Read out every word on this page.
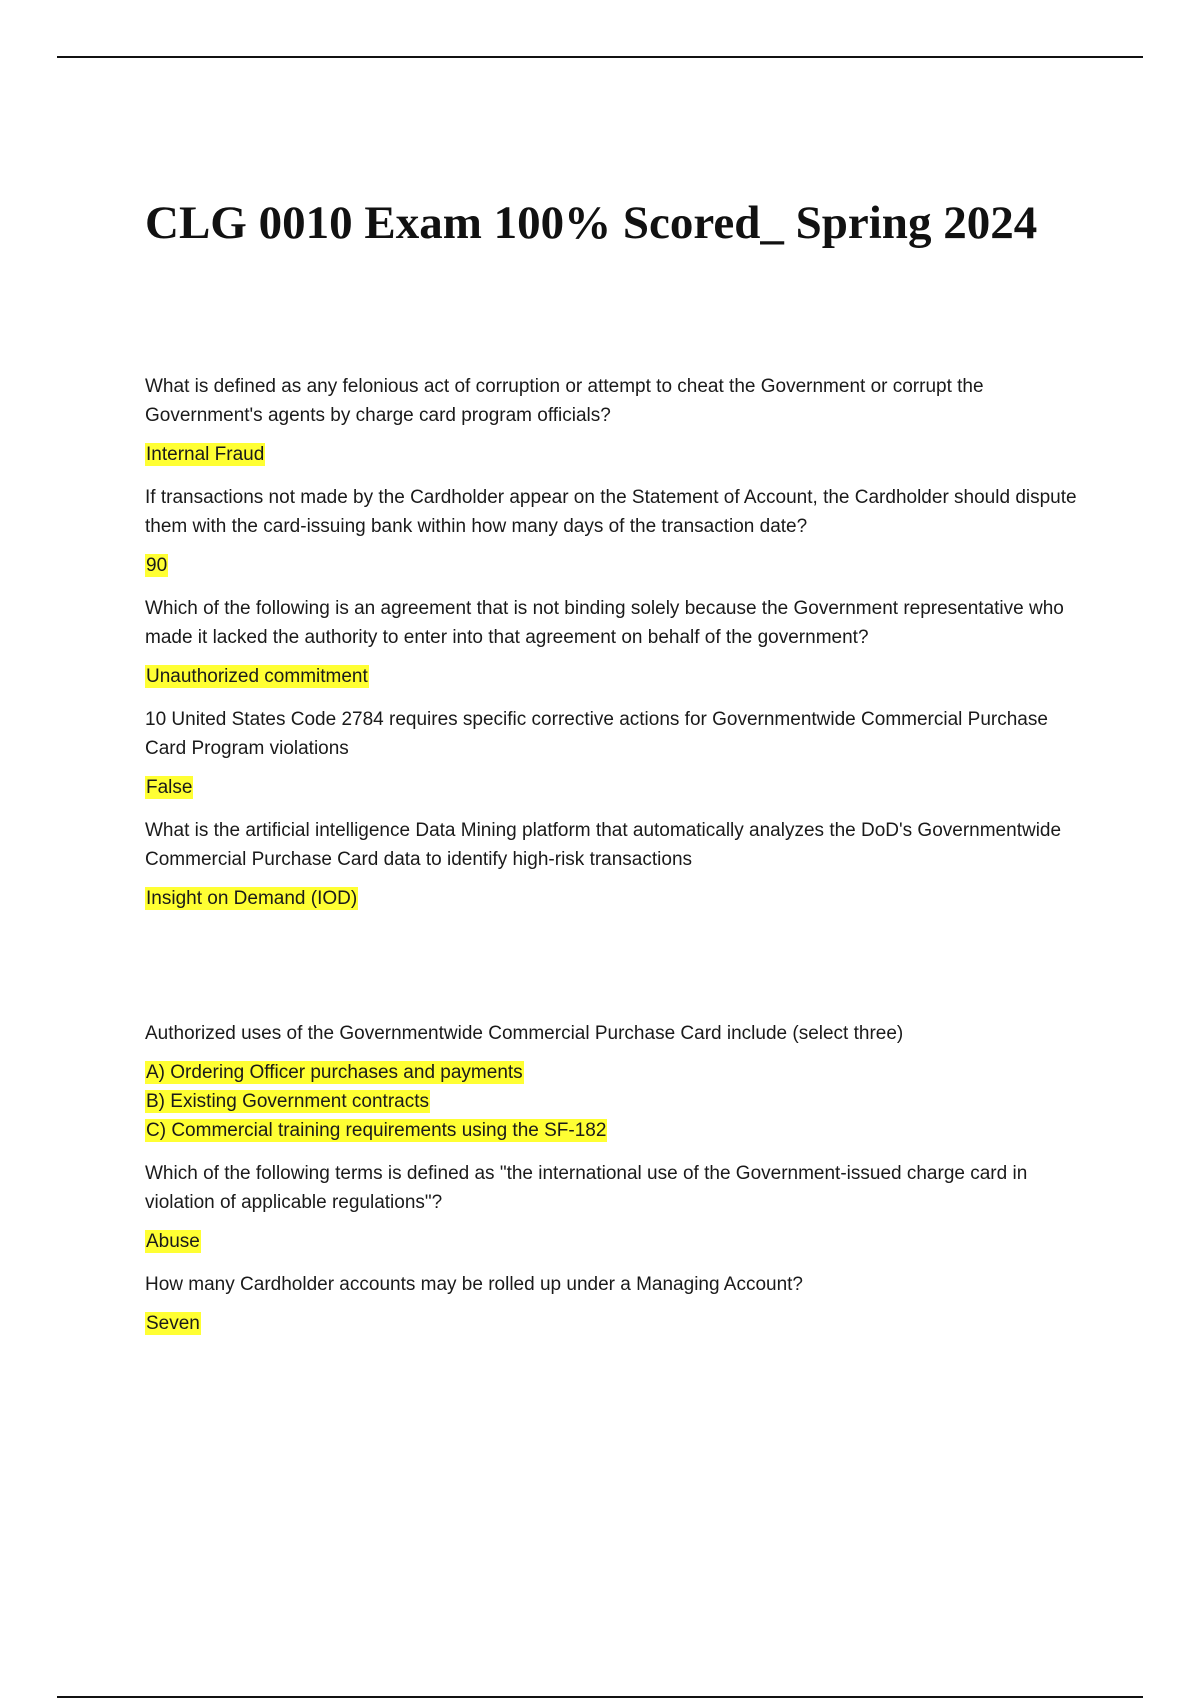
CLG 0010 Exam 100% Scored_ Spring 2024

What is defined as any felonious act of corruption or attempt to cheat the Government or corrupt the Government's agents by charge card program officials?

Internal Fraud

If transactions not made by the Cardholder appear on the Statement of Account, the Cardholder should dispute them with the card-issuing bank within how many days of the transaction date?

90

Which of the following is an agreement that is not binding solely because the Government representative who made it lacked the authority to enter into that agreement on behalf of the government?

Unauthorized commitment

10 United States Code 2784 requires specific corrective actions for Governmentwide Commercial Purchase Card Program violations

False

What is the artificial intelligence Data Mining platform that automatically analyzes the DoD's Governmentwide Commercial Purchase Card data to identify high-risk transactions

Insight on Demand (IOD)

Authorized uses of the Governmentwide Commercial Purchase Card include (select three)

A) Ordering Officer purchases and payments
B) Existing Government contracts
C) Commercial training requirements using the SF-182

Which of the following terms is defined as "the international use of the Government-issued charge card in violation of applicable regulations"?

Abuse

How many Cardholder accounts may be rolled up under a Managing Account?

Seven
